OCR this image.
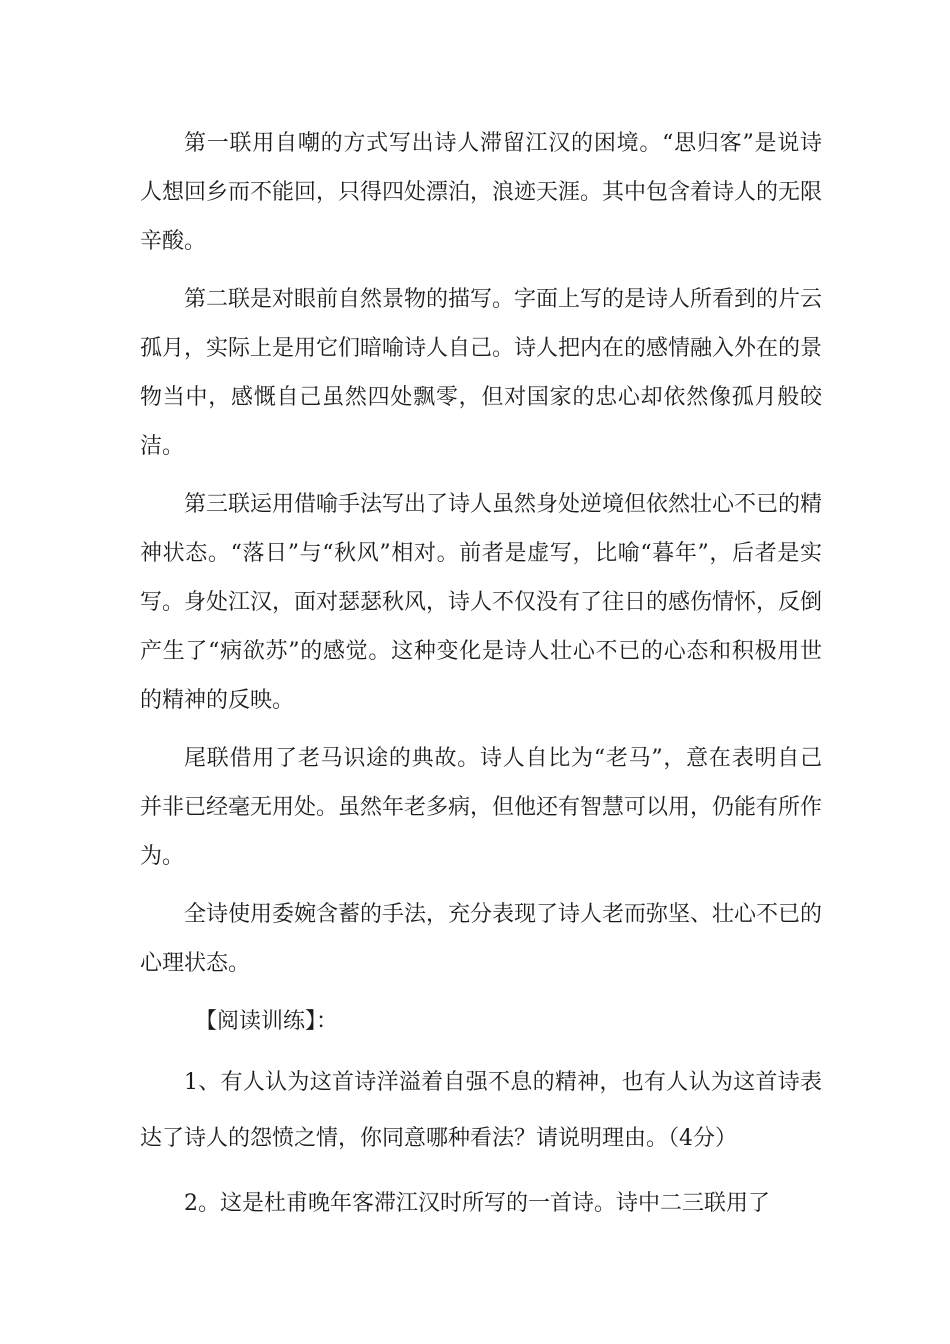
第一联用自嘲的方式写出诗人滞留江汉的困境。“思归客”是说诗人想回乡而不能回，只得四处漂泊，浪迹天涯。其中包含着诗人的无限辛酸。

第二联是对眼前自然景物的描写。字面上写的是诗人所看到的片云孤月，实际上是用它们暗喻诗人自己。诗人把内在的感情融入外在的景物当中，感慨自己虽然四处飘零，但对国家的忠心却依然像孤月般皎洁。

第三联运用借喻手法写出了诗人虽然身处逆境但依然壮心不已的精神状态。“落日”与“秋风”相对。前者是虚写，比喻“暮年”，后者是实写。身处江汉，面对瑟瑟秋风，诗人不仅没有了往日的感伤情怀，反倒产生了“病欲苏”的感觉。这种变化是诗人壮心不已的心态和积极用世的精神的反映。

尾联借用了老马识途的典故。诗人自比为“老马”，意在表明自己并非已经毫无用处。虽然年老多病，但他还有智慧可以用，仍能有所作为。

全诗使用委婉含蓄的手法，充分表现了诗人老而弥坚、壮心不已的心理状态。

【阅读训练】：

1、有人认为这首诗洋溢着自强不息的精神，也有人认为这首诗表达了诗人的怨愤之情，你同意哪种看法？请说明理由。（4分）

2。这是杜甫晚年客滞江汉时所写的一首诗。诗中二三联用了
